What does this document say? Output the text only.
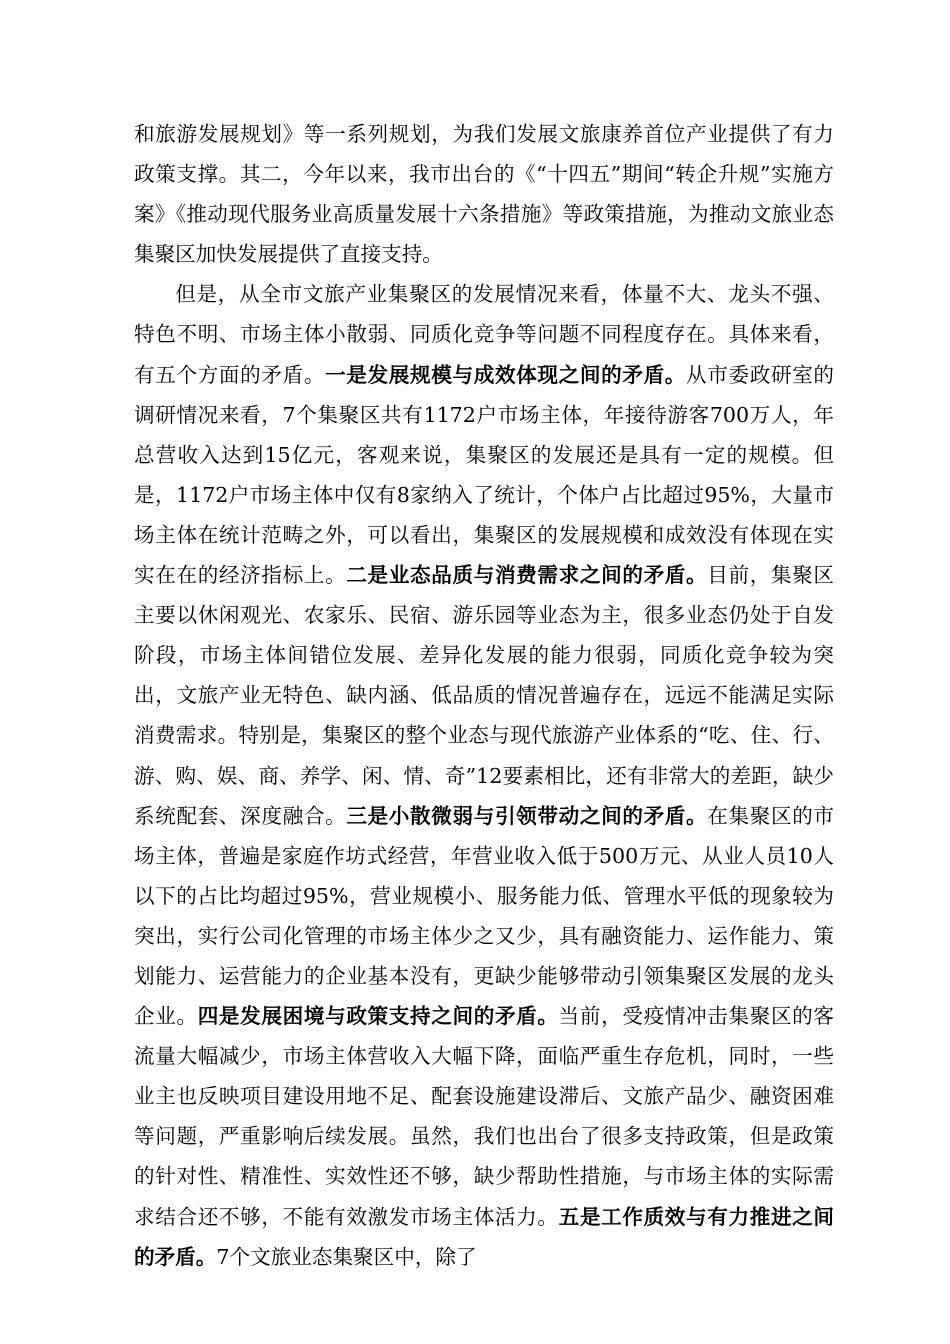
和旅游发展规划》等一系列规划，为我们发展文旅康养首位产业提供了有力政策支撑。其二，今年以来，我市出台的《“十四五”期间“转企升规”实施方案》《推动现代服务业高质量发展十六条措施》等政策措施，为推动文旅业态集聚区加快发展提供了直接支持。

但是，从全市文旅产业集聚区的发展情况来看，体量不大、龙头不强、特色不明、市场主体小散弱、同质化竞争等问题不同程度存在。具体来看，有五个方面的矛盾。一是发展规模与成效体现之间的矛盾。从市委政研室的调研情况来看，7个集聚区共有1172户市场主体，年接待游客700万人，年总营收入达到15亿元，客观来说，集聚区的发展还是具有一定的规模。但是，1172户市场主体中仅有8家纳入了统计，个体户占比超过95%，大量市场主体在统计范畴之外，可以看出，集聚区的发展规模和成效没有体现在实实在在的经济指标上。二是业态品质与消费需求之间的矛盾。目前，集聚区主要以休闲观光、农家乐、民宿、游乐园等业态为主，很多业态仍处于自发阶段，市场主体间错位发展、差异化发展的能力很弱，同质化竞争较为突出，文旅产业无特色、缺内涵、低品质的情况普遍存在，远远不能满足实际消费需求。特别是，集聚区的整个业态与现代旅游产业体系的“吃、住、行、游、购、娱、商、养学、闲、情、奇”12要素相比，还有非常大的差距，缺少系统配套、深度融合。三是小散微弱与引领带动之间的矛盾。在集聚区的市场主体，普遍是家庭作坊式经营，年营业收入低于500万元、从业人员10人以下的占比均超过95%，营业规模小、服务能力低、管理水平低的现象较为突出，实行公司化管理的市场主体少之又少，具有融资能力、运作能力、策划能力、运营能力的企业基本没有，更缺少能够带动引领集聚区发展的龙头企业。四是发展困境与政策支持之间的矛盾。当前，受疫情冲击集聚区的客流量大幅减少，市场主体营收入大幅下降，面临严重生存危机，同时，一些业主也反映项目建设用地不足、配套设施建设滞后、文旅产品少、融资困难等问题，严重影响后续发展。虽然，我们也出台了很多支持政策，但是政策的针对性、精准性、实效性还不够，缺少帮助性措施，与市场主体的实际需求结合还不够，不能有效激发市场主体活力。五是工作质效与有力推进之间的矛盾。7个文旅业态集聚区中，除了
